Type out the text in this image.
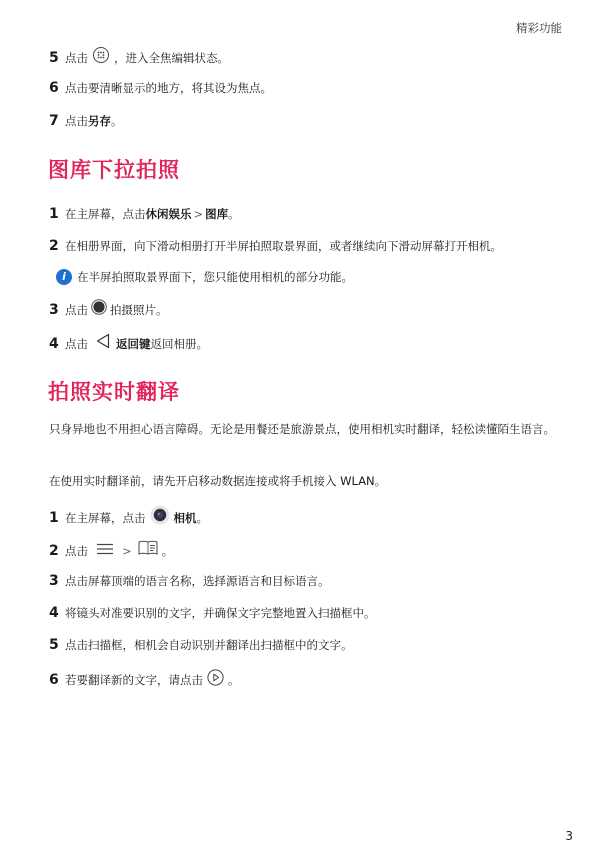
精彩功能
5 点击 ，进入全焦编辑状态。
6 点击要清晰显示的地方，将其设为焦点。
7 点击 另存 。
图库下拉拍照
1 在主屏幕，点击 休闲娱乐 > 图库 。
2 在相册界面，向下滑动相册打开半屏拍照取景界面，或者继续向下滑动屏幕打开相机。
i 在半屏拍照取景界面下，您只能使用相机的部分功能。
3 点击 拍摄照片。
4 点击 返回键 返回相册。
拍照实时翻译
只身异地也不用担心语言障碍。无论是用餐还是旅游景点，使用相机实时翻译，轻松读懂陌生语言。
在使用实时翻译前，请先开启移动数据连接或将手机接入 WLAN。
1 在主屏幕，点击 相机 。
2 点击	>	。
3 点击屏幕顶端的语言名称，选择源语言和目标语言。
4 将镜头对准要识别的文字，并确保文字完整地置入扫描框中。
5 点击扫描框，相机会自动识别并翻译出扫描框中的文字。
6 若要翻译新的文字，请点击 。
3
